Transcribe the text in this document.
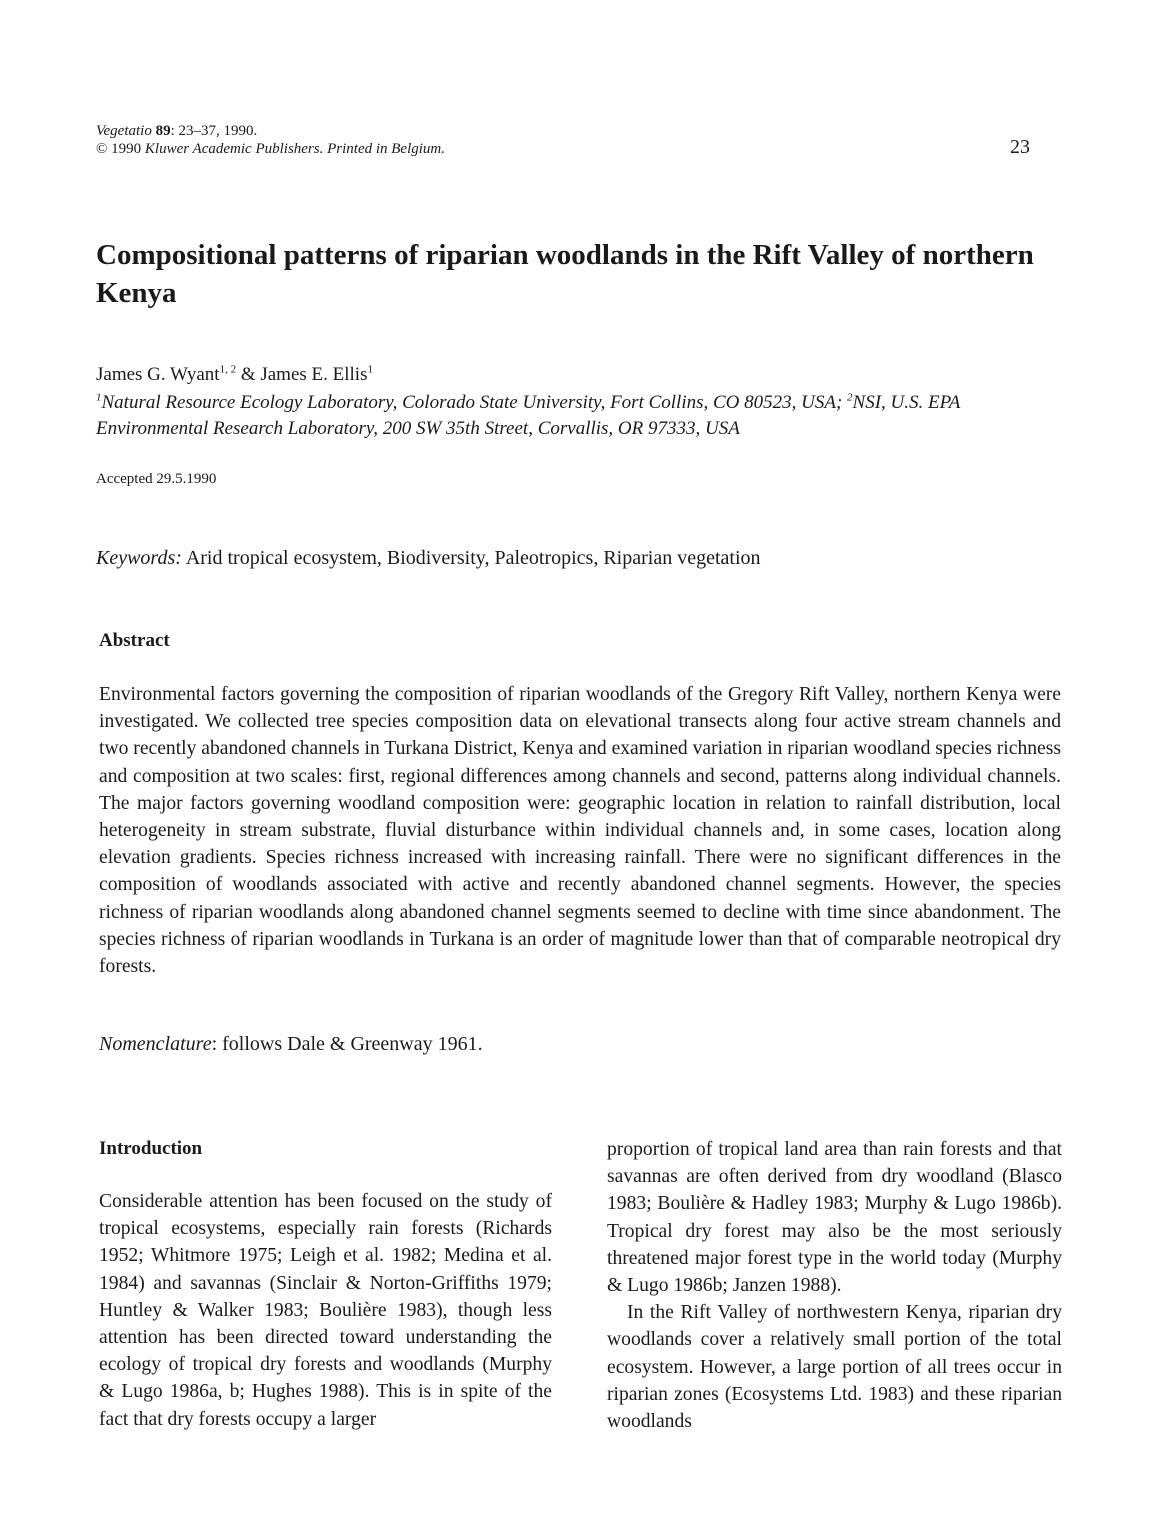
Vegetatio 89: 23–37, 1990.
© 1990 Kluwer Academic Publishers. Printed in Belgium.	23
Compositional patterns of riparian woodlands in the Rift Valley of northern Kenya
James G. Wyant$^{1, 2}$ & James E. Ellis$^1$
$^1$Natural Resource Ecology Laboratory, Colorado State University, Fort Collins, CO 80523, USA; $^2$NSI, U.S. EPA Environmental Research Laboratory, 200 SW 35th Street, Corvallis, OR 97333, USA
Accepted 29.5.1990
Keywords: Arid tropical ecosystem, Biodiversity, Paleotropics, Riparian vegetation
Abstract
Environmental factors governing the composition of riparian woodlands of the Gregory Rift Valley, northern Kenya were investigated. We collected tree species composition data on elevational transects along four active stream channels and two recently abandoned channels in Turkana District, Kenya and examined variation in riparian woodland species richness and composition at two scales: first, regional differences among channels and second, patterns along individual channels. The major factors governing woodland composition were: geographic location in relation to rainfall distribution, local heterogeneity in stream substrate, fluvial disturbance within individual channels and, in some cases, location along elevation gradients. Species richness increased with increasing rainfall. There were no significant differences in the composition of woodlands associated with active and recently abandoned channel segments. However, the species richness of riparian woodlands along abandoned channel segments seemed to decline with time since abandonment. The species richness of riparian woodlands in Turkana is an order of magnitude lower than that of comparable neotropical dry forests.
Nomenclature: follows Dale & Greenway 1961.
Introduction
Considerable attention has been focused on the study of tropical ecosystems, especially rain forests (Richards 1952; Whitmore 1975; Leigh et al. 1982; Medina et al. 1984) and savannas (Sinclair & Norton-Griffiths 1979; Huntley & Walker 1983; Boulière 1983), though less attention has been directed toward understanding the ecology of tropical dry forests and woodlands (Murphy & Lugo 1986a, b; Hughes 1988). This is in spite of the fact that dry forests occupy a larger

proportion of tropical land area than rain forests and that savannas are often derived from dry woodland (Blasco 1983; Boulière & Hadley 1983; Murphy & Lugo 1986b). Tropical dry forest may also be the most seriously threatened major forest type in the world today (Murphy & Lugo 1986b; Janzen 1988).

In the Rift Valley of northwestern Kenya, riparian dry woodlands cover a relatively small portion of the total ecosystem. However, a large portion of all trees occur in riparian zones (Ecosystems Ltd. 1983) and these riparian woodlands
